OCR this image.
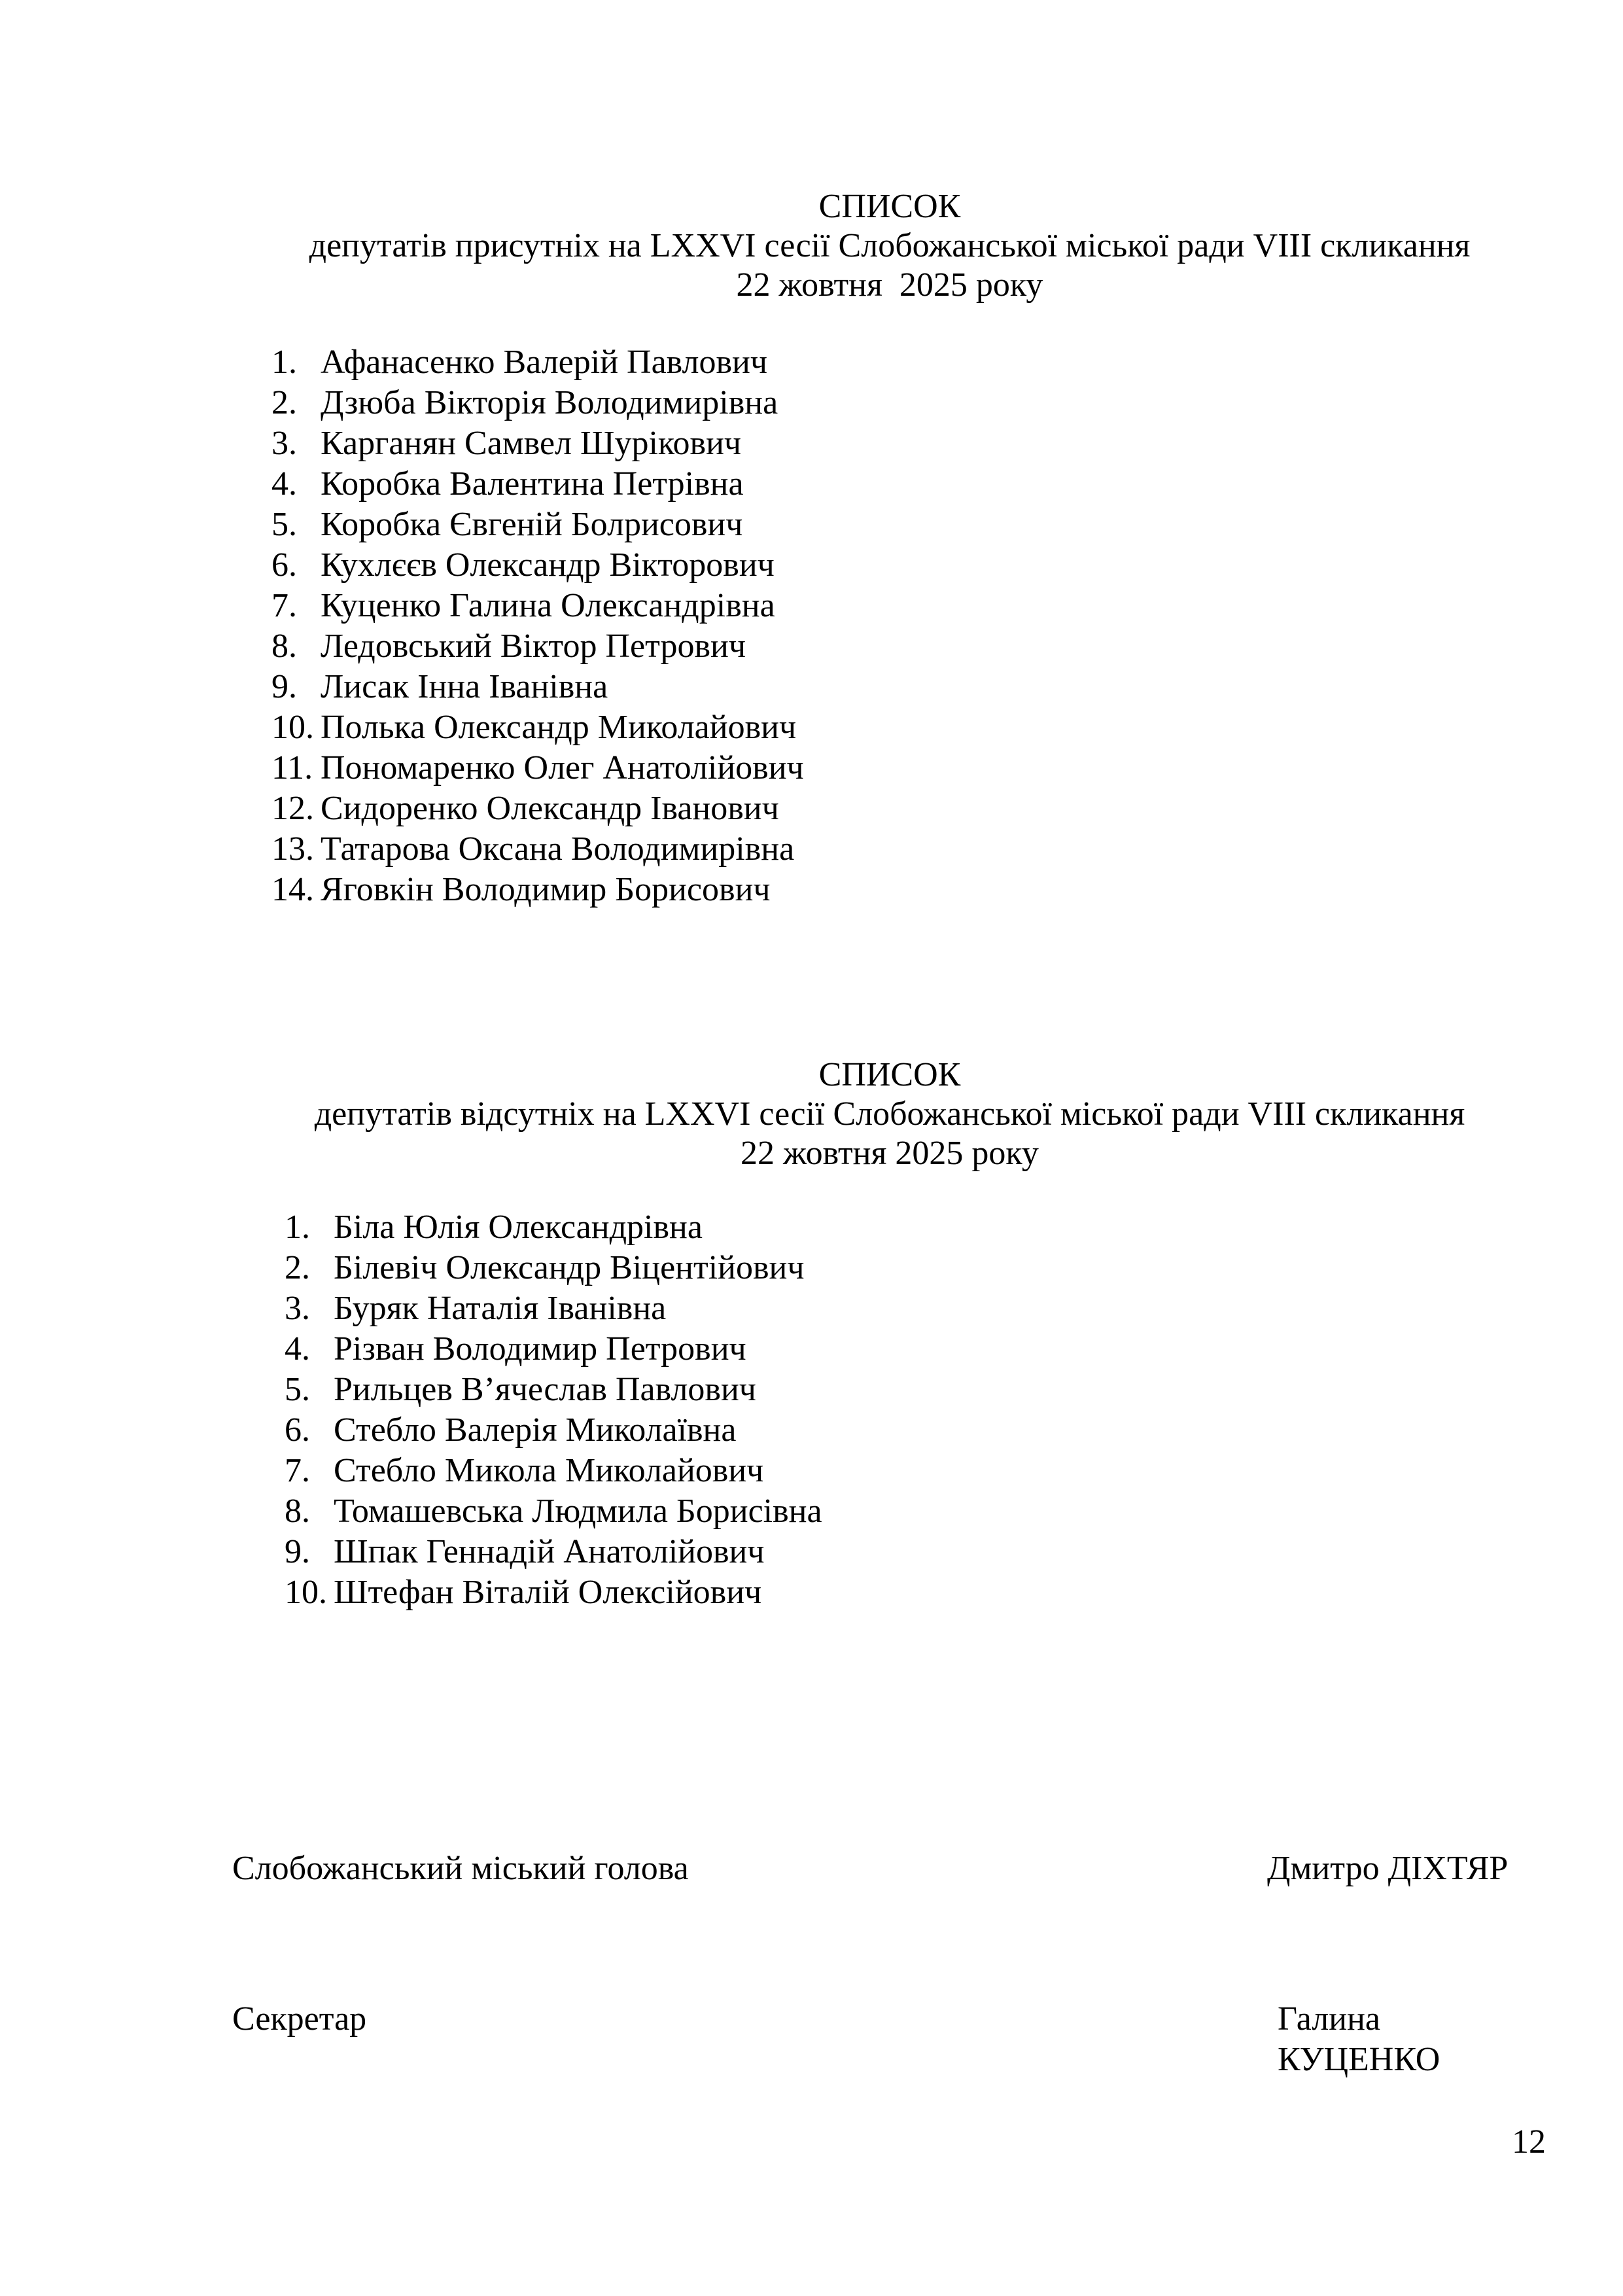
СПИСОК
депутатів присутніх на LXXVI сесії Слобожанської міської ради VIII скликання
22 жовтня  2025 року
1. Афанасенко Валерій Павлович
2. Дзюба Вікторія Володимирівна
3. Карганян Самвел Шурікович
4. Коробка Валентина Петрівна
5. Коробка Євгеній Болрисович
6. Кухлєєв Олександр Вікторович
7. Куценко Галина Олександрівна
8. Ледовський Віктор Петрович
9. Лисак Інна Іванівна
10. Полька Олександр Миколайович
11. Пономаренко Олег Анатолійович
12. Сидоренко Олександр Іванович
13. Татарова Оксана Володимирівна
14. Яговкін Володимир Борисович
СПИСОК
депутатів відсутніх на LXXVI сесії Слобожанської міської ради VIII скликання
22 жовтня 2025 року
1. Біла Юлія Олександрівна
2. Білевіч Олександр Віцентійович
3. Буряк Наталія Іванівна
4. Різван Володимир Петрович
5. Рильцев В’ячеслав Павлович
6. Стебло Валерія Миколаївна
7. Стебло Микола Миколайович
8. Томашевська Людмила Борисівна
9. Шпак Геннадій Анатолійович
10. Штефан Віталій Олексійович
Слобожанський міський голова	Дмитро ДІХТЯР
Секретар	Галина КУЦЕНКО
12
